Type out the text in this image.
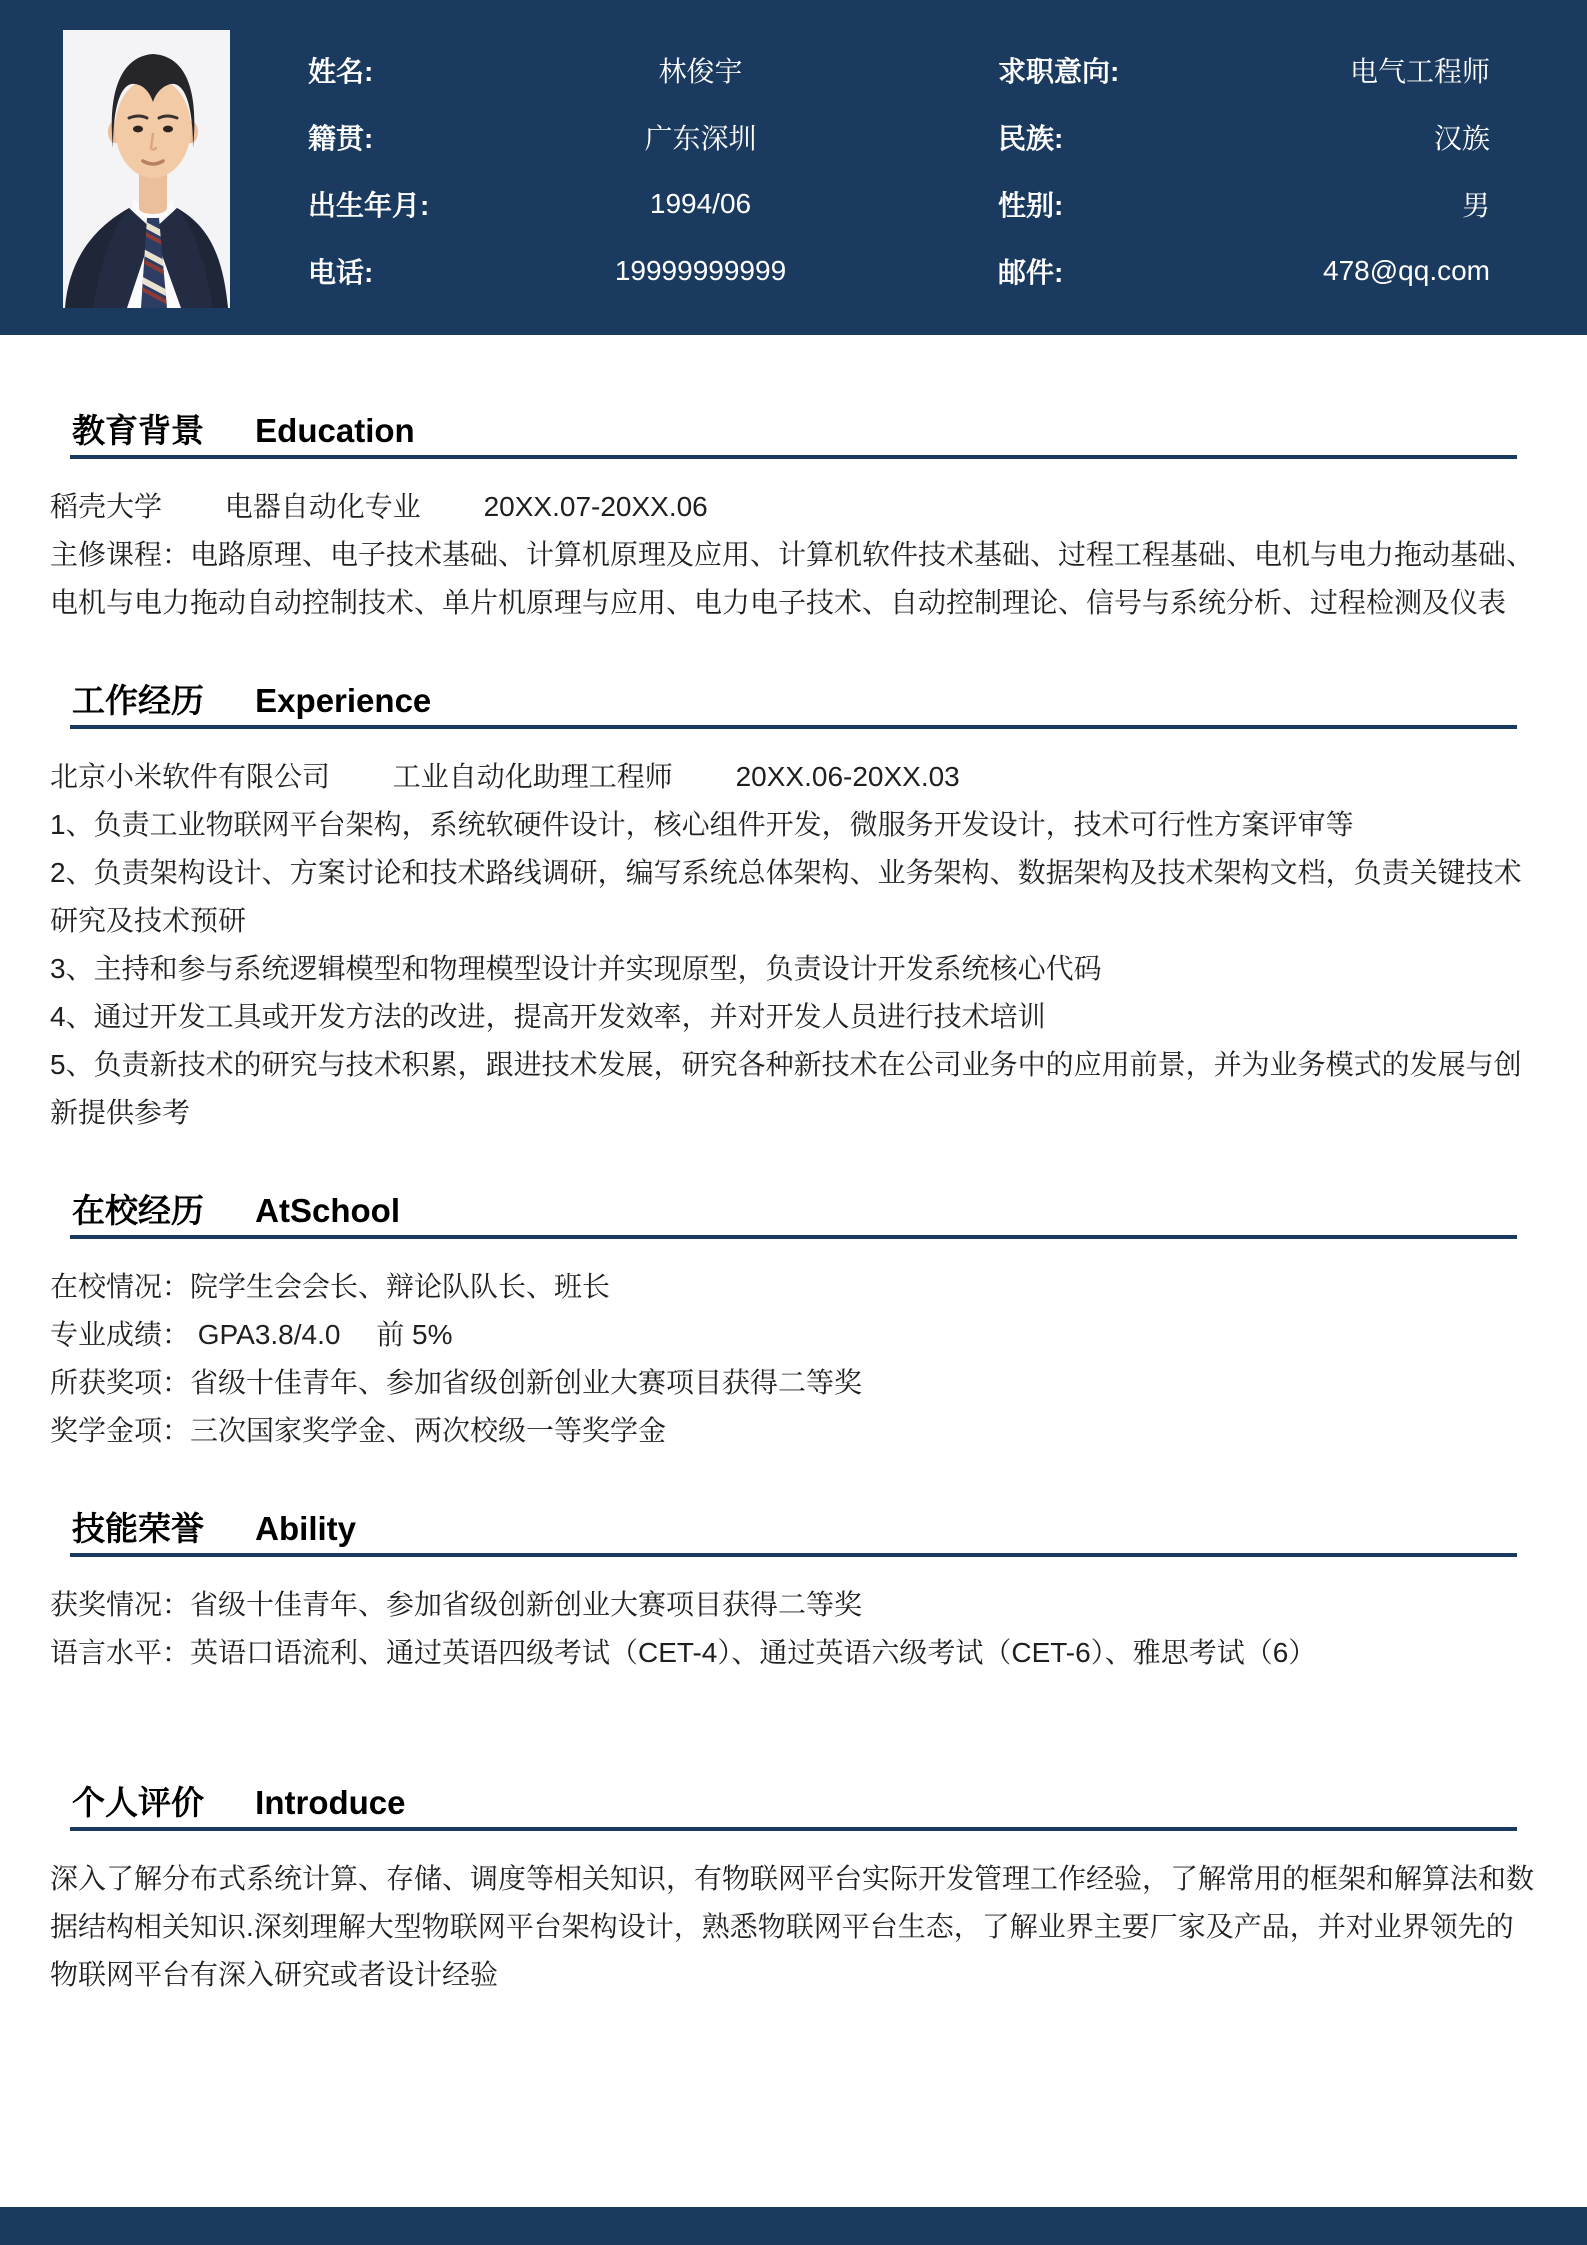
姓名:	林俊宇	求职意向:	电气工程师
籍贯:	广东深圳	民族:	汉族
出生年月:	1994/06	性别:	男
电话:	19999999999	邮件:	478@qq.com
教育背景 Education
稻壳大学 电器自动化专业 20XX.07-20XX.06

主修课程：电路原理、电子技术基础、计算机原理及应用、计算机软件技术基础、过程工程基础、电机与电力拖动基础、电机与电力拖动自动控制技术、单片机原理与应用、电力电子技术、自动控制理论、信号与系统分析、过程检测及仪表

工作经历 Experience
北京小米软件有限公司 工业自动化助理工程师 20XX.06-20XX.03
1、负责工业物联网平台架构，系统软硬件设计，核心组件开发，微服务开发设计，技术可行性方案评审等
2、负责架构设计、方案讨论和技术路线调研，编写系统总体架构、业务架构、数据架构及技术架构文档，负责关键技术研究及技术预研
3、主持和参与系统逻辑模型和物理模型设计并实现原型，负责设计开发系统核心代码
4、通过开发工具或开发方法的改进，提高开发效率，并对开发人员进行技术培训
5、负责新技术的研究与技术积累，跟进技术发展，研究各种新技术在公司业务中的应用前景，并为业务模式的发展与创新提供参考
在校经历 AtSchool
在校情况：院学生会会长、辩论队队长、班长
专业成绩： GPA3.8/4.0　 前 5%
所获奖项：省级十佳青年、参加省级创新创业大赛项目获得二等奖
奖学金项：三次国家奖学金、两次校级一等奖学金
技能荣誉 Ability
获奖情况：省级十佳青年、参加省级创新创业大赛项目获得二等奖
语言水平：英语口语流利、通过英语四级考试（CET-4）、通过英语六级考试（CET-6）、雅思考试（6）
个人评价 Introduce

深入了解分布式系统计算、存储、调度等相关知识，有物联网平台实际开发管理工作经验，了解常用的框架和解算法和数据结构相关知识.深刻理解大型物联网平台架构设计，熟悉物联网平台生态，了解业界主要厂家及产品，并对业界领先的物联网平台有深入研究或者设计经验
